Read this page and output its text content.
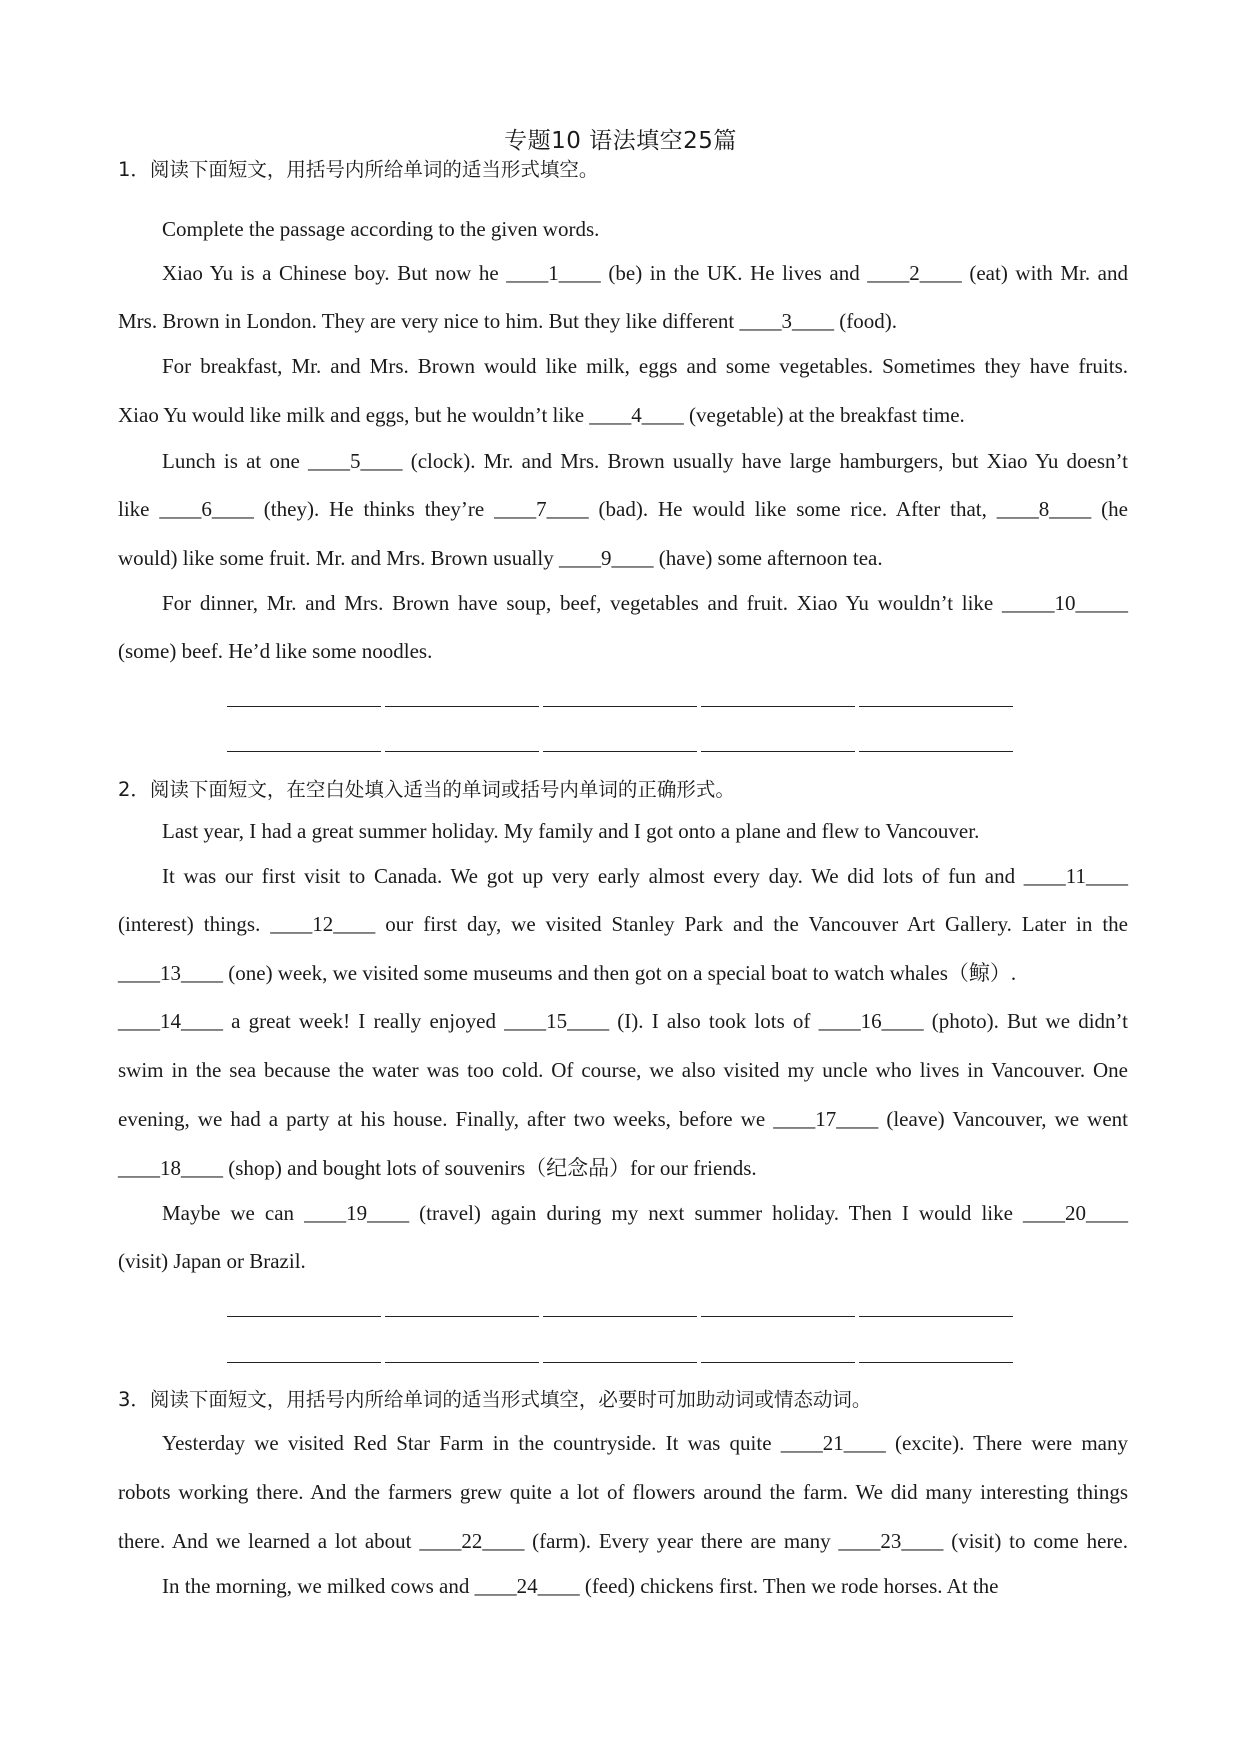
专题10 语法填空25篇
1．阅读下面短文，用括号内所给单词的适当形式填空。
Complete the passage according to the given words.
Xiao Yu is a Chinese boy. But now he ____1____ (be) in the UK. He lives and ____2____ (eat) with Mr. and
Mrs. Brown in London. They are very nice to him. But they like different ____3____ (food).
For breakfast, Mr. and Mrs. Brown would like milk, eggs and some vegetables. Sometimes they have fruits.
Xiao Yu would like milk and eggs, but he wouldn’t like ____4____ (vegetable) at the breakfast time.
Lunch is at one ____5____ (clock). Mr. and Mrs. Brown usually have large hamburgers, but Xiao Yu doesn’t
like ____6____ (they). He thinks they’re ____7____ (bad). He would like some rice. After that, ____8____ (he
would) like some fruit. Mr. and Mrs. Brown usually ____9____ (have) some afternoon tea.
For dinner, Mr. and Mrs. Brown have soup, beef, vegetables and fruit. Xiao Yu wouldn’t like _____10_____
(some) beef. He’d like some noodles.
2．阅读下面短文，在空白处填入适当的单词或括号内单词的正确形式。
Last year, I had a great summer holiday. My family and I got onto a plane and flew to Vancouver.
It was our first visit to Canada. We got up very early almost every day. We did lots of fun and ____11____
(interest) things. ____12____ our first day, we visited Stanley Park and the Vancouver Art Gallery. Later in the
____13____ (one) week, we visited some museums and then got on a special boat to watch whales（鲸）.
____14____ a great week! I really enjoyed ____15____ (I). I also took lots of ____16____ (photo). But we didn’t
swim in the sea because the water was too cold. Of course, we also visited my uncle who lives in Vancouver. One
evening, we had a party at his house. Finally, after two weeks, before we ____17____ (leave) Vancouver, we went
____18____ (shop) and bought lots of souvenirs（纪念品）for our friends.
Maybe we can ____19____ (travel) again during my next summer holiday. Then I would like ____20____
(visit) Japan or Brazil.
3．阅读下面短文，用括号内所给单词的适当形式填空，必要时可加助动词或情态动词。
Yesterday we visited Red Star Farm in the countryside. It was quite ____21____ (excite). There were many
robots working there. And the farmers grew quite a lot of flowers around the farm. We did many interesting things
there. And we learned a lot about ____22____ (farm). Every year there are many ____23____ (visit) to come here.
In the morning, we milked cows and ____24____ (feed) chickens first. Then we rode horses. At the
